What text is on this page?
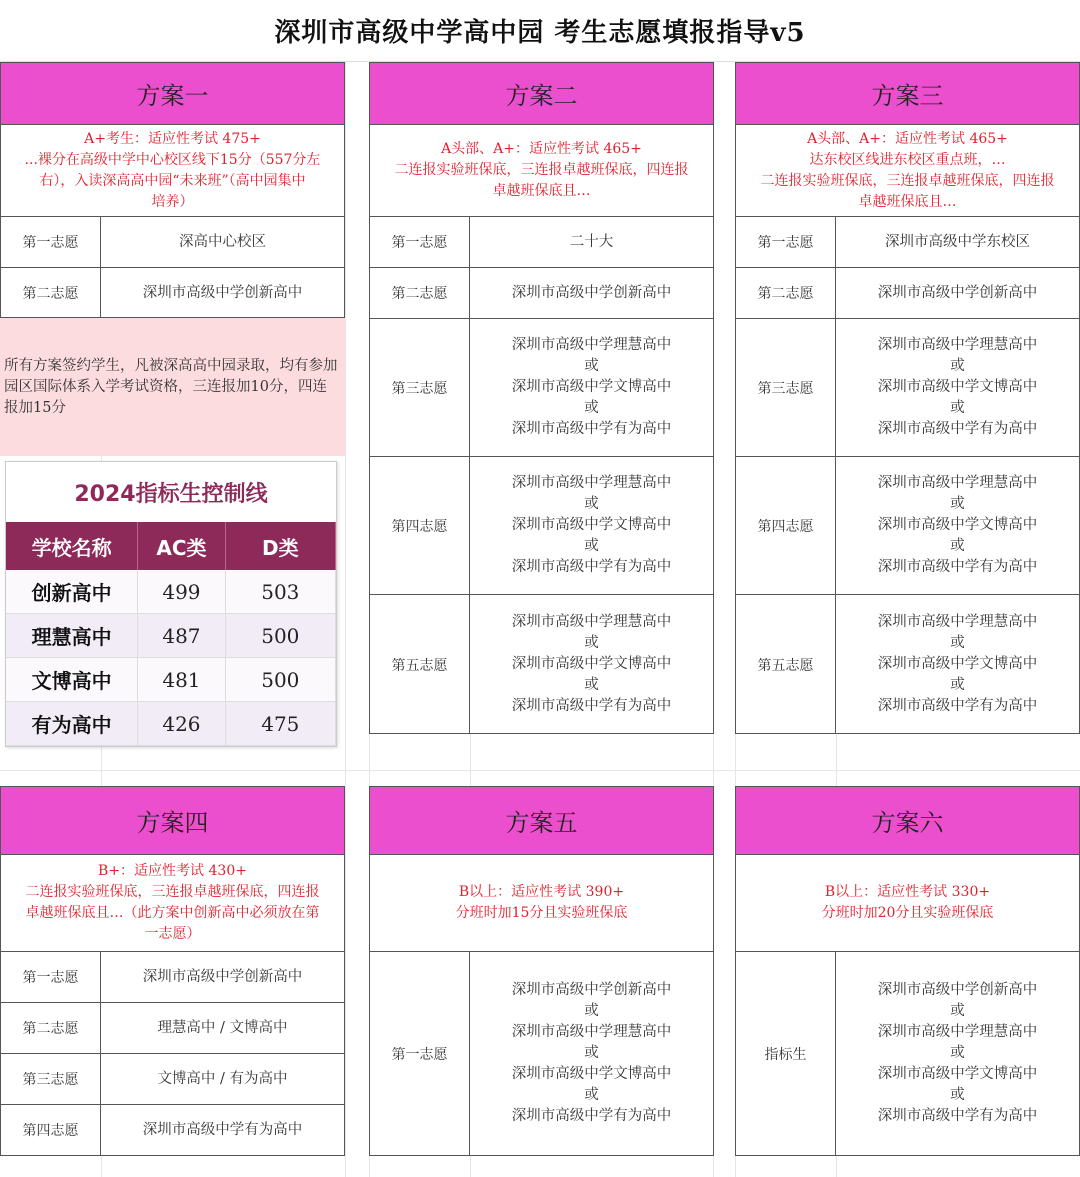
深圳市高级中学高中园 考生志愿填报指导v5
方案一
A+考生：适应性考试 475+
...裸分在高级中学中心校区线下15分（557分左
右），入读深高高中园“未来班”（高中园集中
培养）
第一志愿	深高中心校区
第二志愿	深圳市高级中学创新高中
方案二
A头部、A+：适应性考试 465+
二连报实验班保底，三连报卓越班保底，四连报
卓越班保底且…
第一志愿	二十大
第二志愿	深圳市高级中学创新高中
第三志愿
深圳市高级中学理慧高中
或
深圳市高级中学文博高中
或
深圳市高级中学有为高中
第四志愿
深圳市高级中学理慧高中
或
深圳市高级中学文博高中
或
深圳市高级中学有为高中
第五志愿
深圳市高级中学理慧高中
或
深圳市高级中学文博高中
或
深圳市高级中学有为高中
方案三
A头部、A+：适应性考试 465+
达东校区线进东校区重点班，…
二连报实验班保底，三连报卓越班保底，四连报
卓越班保底且…
第一志愿	深圳市高级中学东校区
第二志愿	深圳市高级中学创新高中
第三志愿
深圳市高级中学理慧高中
或
深圳市高级中学文博高中
或
深圳市高级中学有为高中
第四志愿
深圳市高级中学理慧高中
或
深圳市高级中学文博高中
或
深圳市高级中学有为高中
第五志愿
深圳市高级中学理慧高中
或
深圳市高级中学文博高中
或
深圳市高级中学有为高中
所有方案签约学生，凡被深高高中园录取，均有参加园区国际体系入学考试资格，三连报加10分，四连报加15分
2024指标生控制线
学校名称	AC类	D类
创新高中	499	503
理慧高中	487	500
文博高中	481	500
有为高中	426	475
方案四
B+：适应性考试 430+
二连报实验班保底，三连报卓越班保底，四连报
卓越班保底且…（此方案中创新高中必须放在第
一志愿）
第一志愿	深圳市高级中学创新高中
第二志愿	理慧高中 / 文博高中
第三志愿	文博高中 / 有为高中
第四志愿	深圳市高级中学有为高中
方案五
B以上：适应性考试 390+
分班时加15分且实验班保底
第一志愿
深圳市高级中学创新高中
或
深圳市高级中学理慧高中
或
深圳市高级中学文博高中
或
深圳市高级中学有为高中
方案六
B以上：适应性考试 330+
分班时加20分且实验班保底
指标生
深圳市高级中学创新高中
或
深圳市高级中学理慧高中
或
深圳市高级中学文博高中
或
深圳市高级中学有为高中
